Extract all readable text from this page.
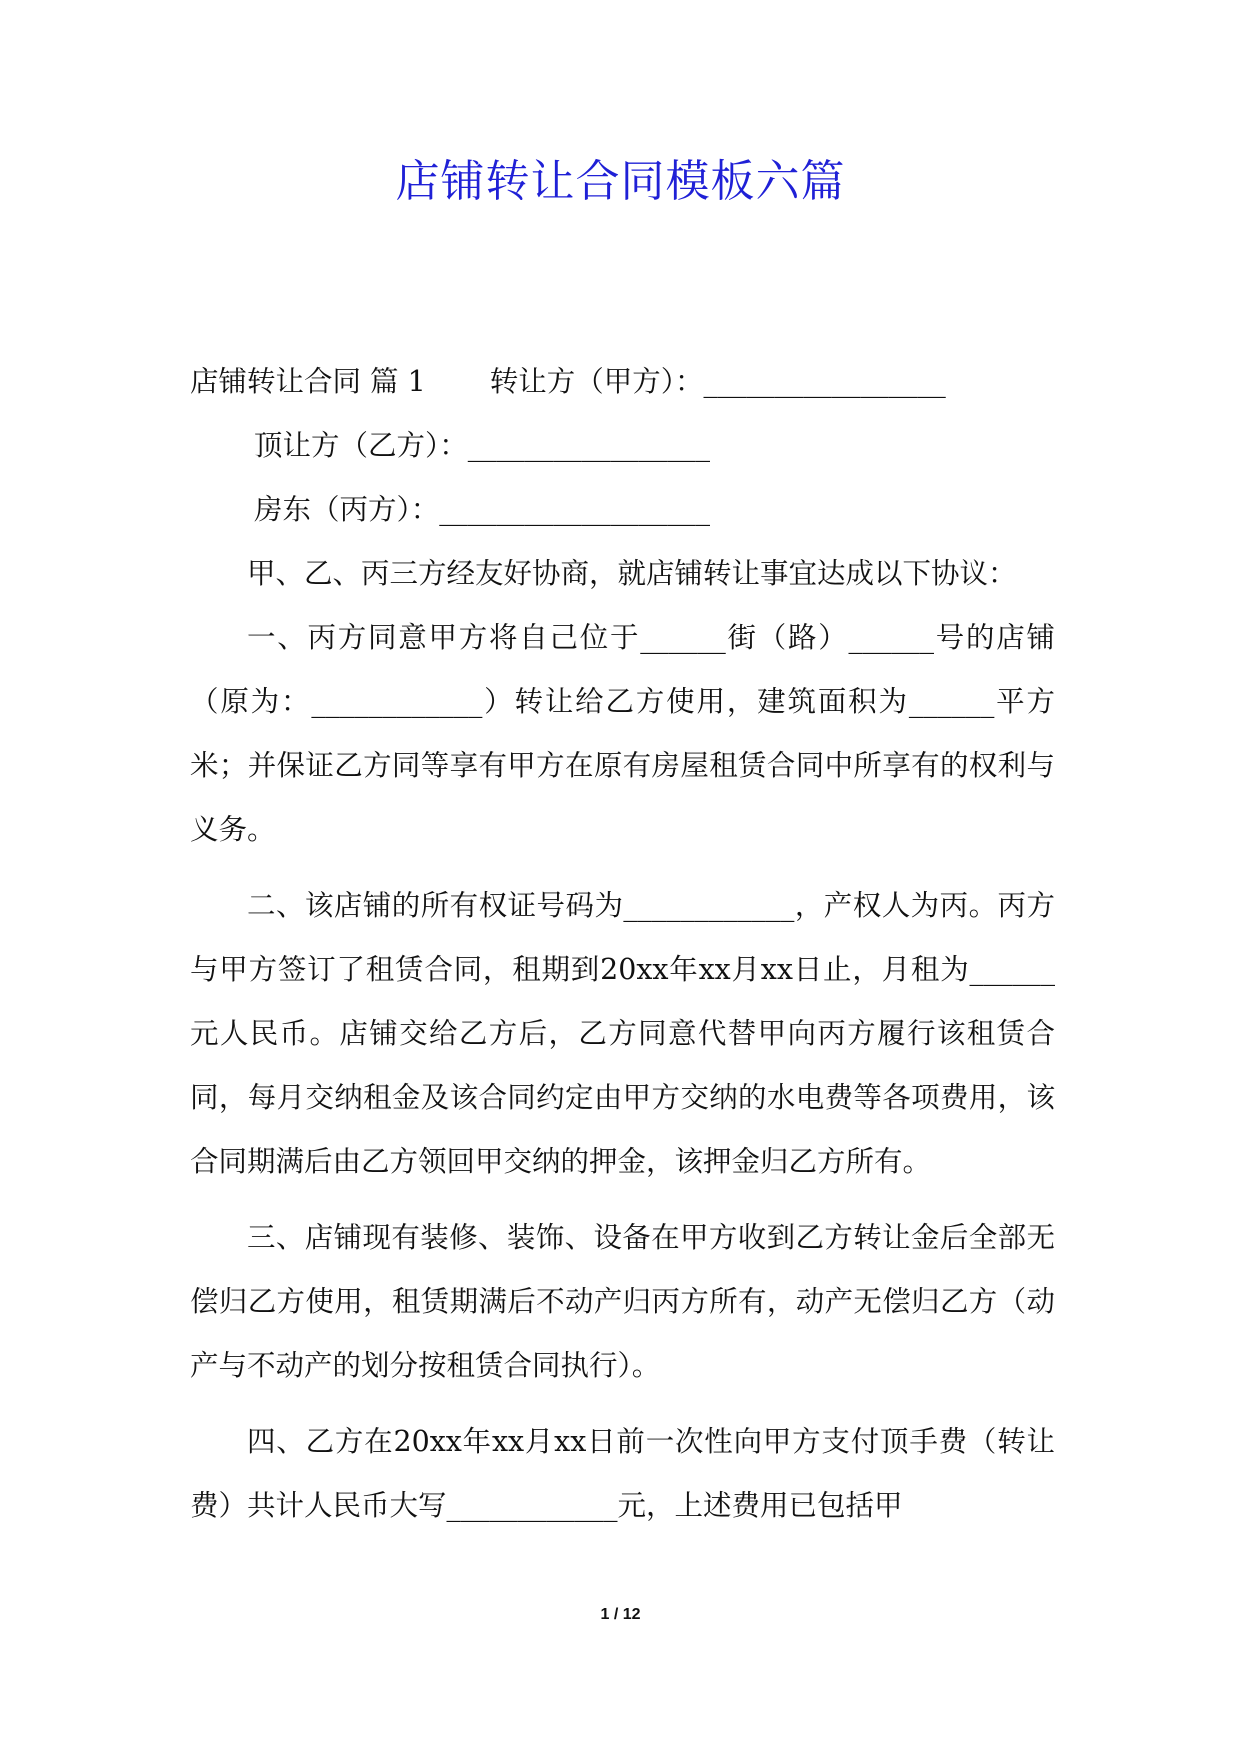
店铺转让合同模板六篇
店铺转让合同 篇 1 转让方（甲方）：_________________
顶让方（乙方）：_________________
房东（丙方）：___________________

甲、乙、丙三方经友好协商，就店铺转让事宜达成以下协议：

一、丙方同意甲方将自己位于______街（路）______号的店铺（原为：____________）转让给乙方使用，建筑面积为______平方米；并保证乙方同等享有甲方在原有房屋租赁合同中所享有的权利与义务。

二、该店铺的所有权证号码为____________，产权人为丙。丙方与甲方签订了租赁合同，租期到20xx年xx月xx日止，月租为______元人民币。店铺交给乙方后，乙方同意代替甲向丙方履行该租赁合同，每月交纳租金及该合同约定由甲方交纳的水电费等各项费用，该合同期满后由乙方领回甲交纳的押金，该押金归乙方所有。

三、店铺现有装修、装饰、设备在甲方收到乙方转让金后全部无偿归乙方使用，租赁期满后不动产归丙方所有，动产无偿归乙方（动产与不动产的划分按租赁合同执行）。

四、乙方在20xx年xx月xx日前一次性向甲方支付顶手费（转让费）共计人民币大写____________元，上述费用已包括甲

1 / 12
